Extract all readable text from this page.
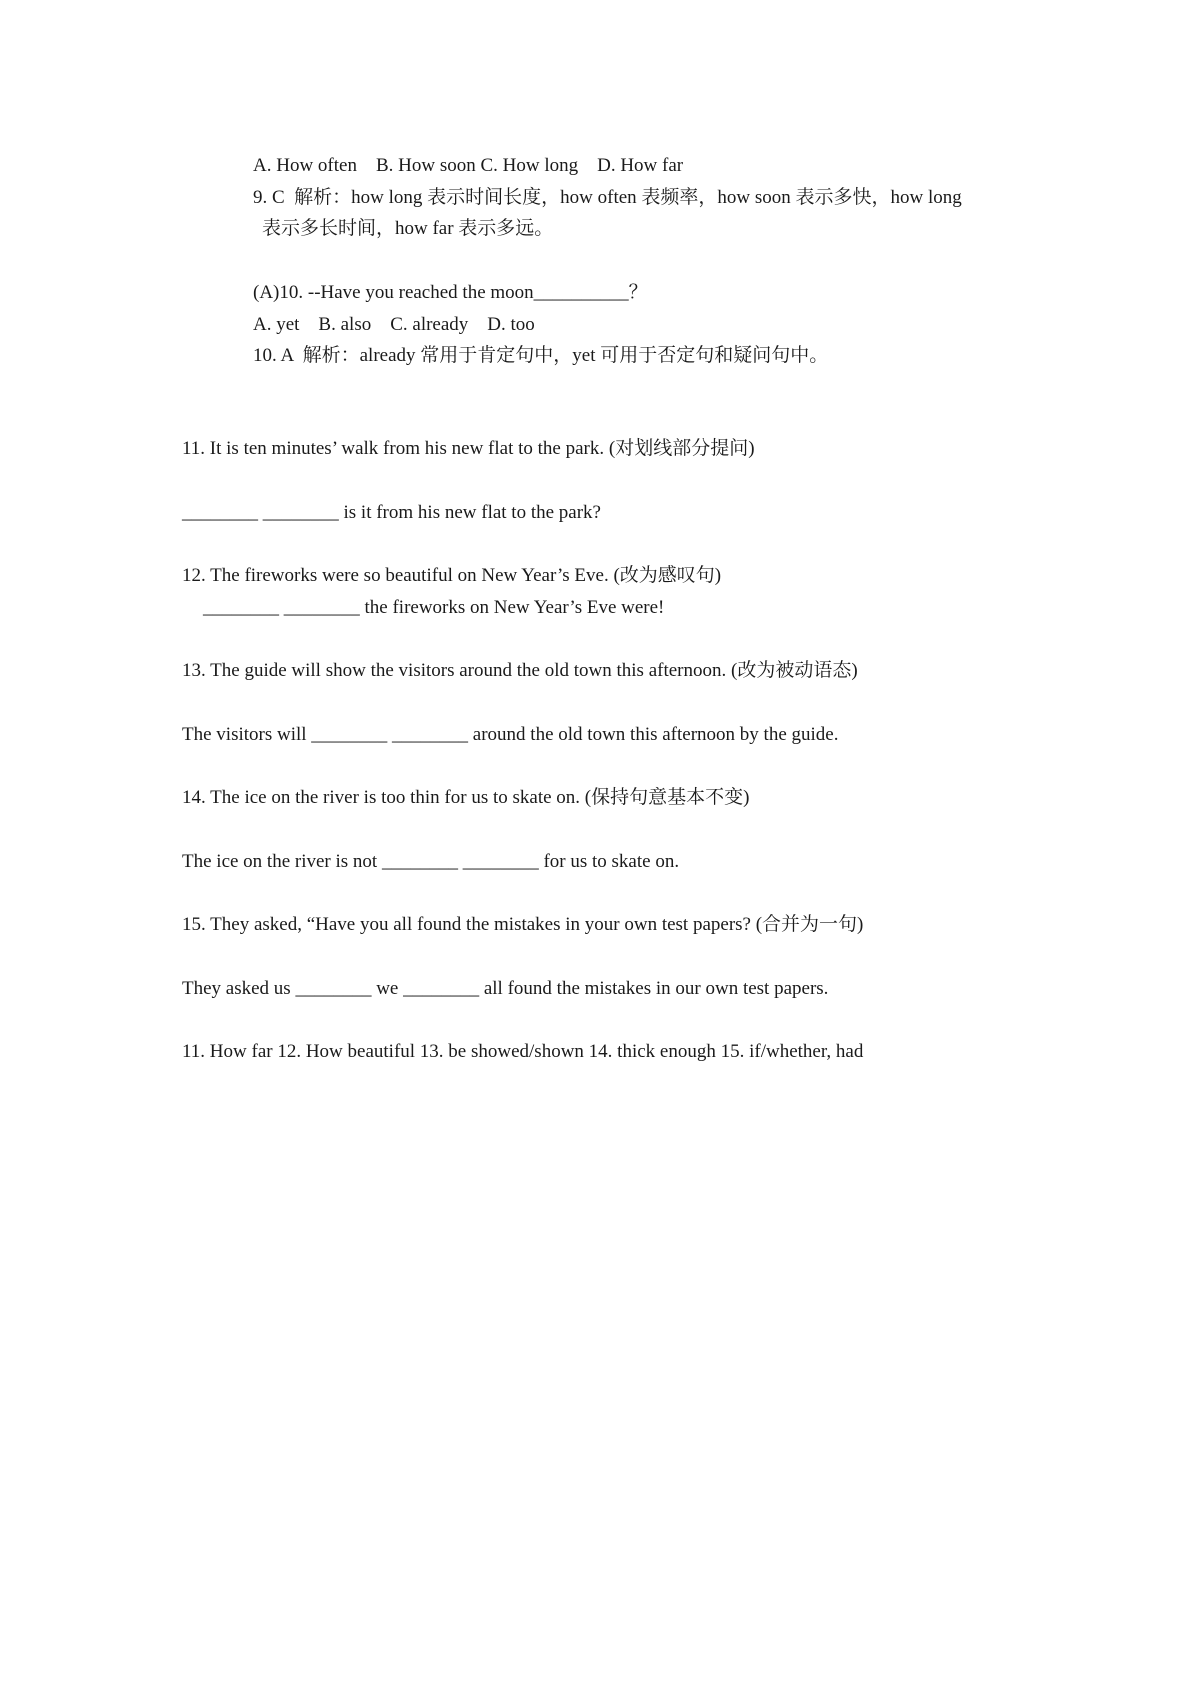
A. How often    B. How soon C. How long    D. How far

9. C  解析：how long 表示时间长度，how often 表频率，how soon 表示多快，how long

表示多长时间，how far 表示多远。

(A)10. --Have you reached the moon__________？

A. yet    B. also    C. already    D. too

10. A  解析：already 常用于肯定句中，yet 可用于否定句和疑问句中。

11. It is ten minutes’ walk from his new flat to the park. (对划线部分提问)

________ ________ is it from his new flat to the park?

12. The fireworks were so beautiful on New Year’s Eve. (改为感叹句)

________ ________ the fireworks on New Year’s Eve were!

13. The guide will show the visitors around the old town this afternoon. (改为被动语态)

The visitors will ________ ________ around the old town this afternoon by the guide.

14. The ice on the river is too thin for us to skate on. (保持句意基本不变)

The ice on the river is not ________ ________ for us to skate on.

15. They asked, “Have you all found the mistakes in your own test papers? (合并为一句)

They asked us ________ we ________ all found the mistakes in our own test papers.

11. How far 12. How beautiful 13. be showed/shown 14. thick enough 15. if/whether, had
